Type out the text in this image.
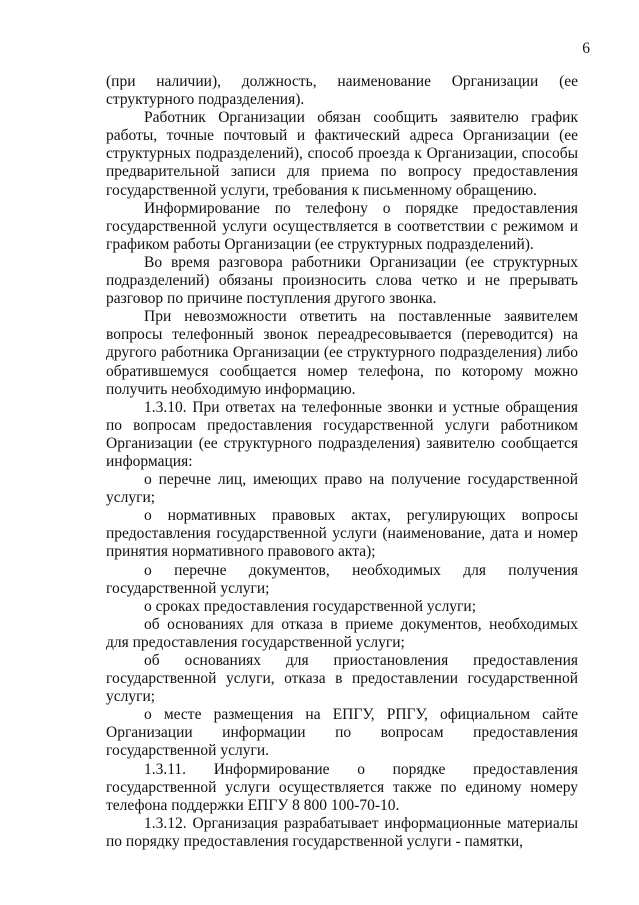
6

(при наличии), должность, наименование Организации (ее структурного подразделения).

Работник Организации обязан сообщить заявителю график работы, точные почтовый и фактический адреса Организации (ее структурных подразделений), способ проезда к Организации, способы предварительной записи для приема по вопросу предоставления государственной услуги, требования к письменному обращению.

Информирование по телефону о порядке предоставления государственной услуги осуществляется в соответствии с режимом и графиком работы Организации (ее структурных подразделений).

Во время разговора работники Организации (ее структурных подразделений) обязаны произносить слова четко и не прерывать разговор по причине поступления другого звонка.

При невозможности ответить на поставленные заявителем вопросы телефонный звонок переадресовывается (переводится) на другого работника Организации (ее структурного подразделения) либо обратившемуся сообщается номер телефона, по которому можно получить необходимую информацию.

1.3.10. При ответах на телефонные звонки и устные обращения по вопросам предоставления государственной услуги работником Организации (ее структурного подразделения) заявителю сообщается информация:

о перечне лиц, имеющих право на получение государственной услуги;

о нормативных правовых актах, регулирующих вопросы предоставления государственной услуги (наименование, дата и номер принятия нормативного правового акта);

о перечне документов, необходимых для получения государственной услуги;

о сроках предоставления государственной услуги;

об основаниях для отказа в приеме документов, необходимых для предоставления государственной услуги;

об основаниях для приостановления предоставления государственной услуги, отказа в предоставлении государственной услуги;

о месте размещения на ЕПГУ, РПГУ, официальном сайте Организации информации по вопросам предоставления государственной услуги.

1.3.11. Информирование о порядке предоставления государственной услуги осуществляется также по единому номеру телефона поддержки ЕПГУ 8 800 100-70-10.

1.3.12. Организация разрабатывает информационные материалы по порядку предоставления государственной услуги - памятки,
